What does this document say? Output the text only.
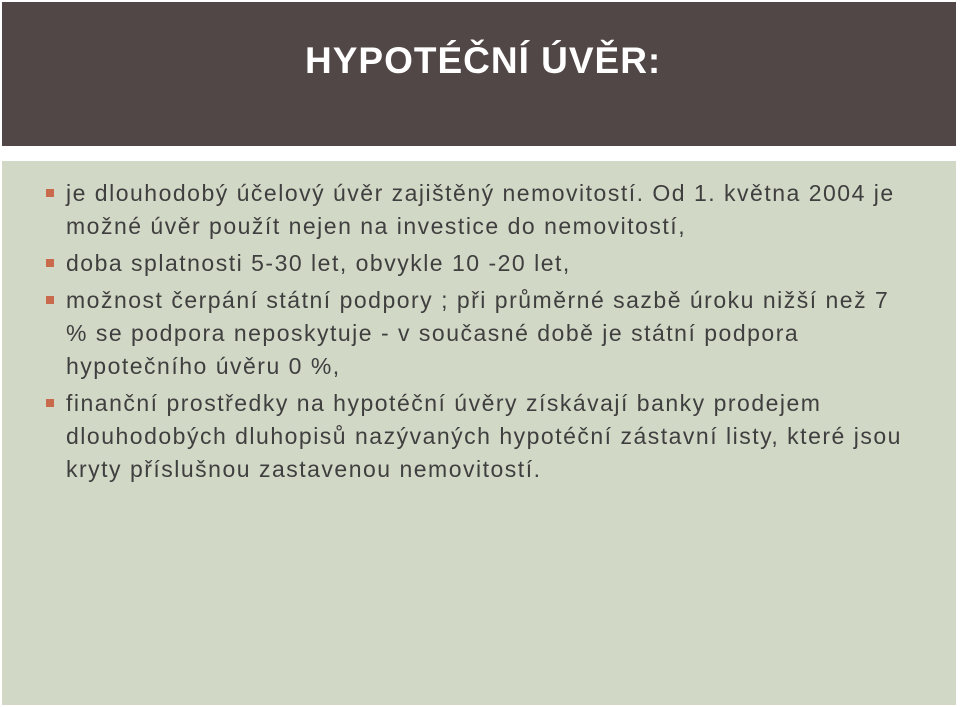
HYPOTÉČNÍ ÚVĚR:
je dlouhodobý účelový úvěr zajištěný nemovitostí. Od 1. května 2004 je možné úvěr použít nejen na investice do nemovitostí,
doba splatnosti 5-30 let, obvykle 10 -20 let,
možnost čerpání státní podpory ; při průměrné sazbě úroku nižší než 7 % se podpora neposkytuje - v současné době je státní podpora hypotečního úvěru 0 %,
finanční prostředky na hypotéční úvěry získávají banky prodejem dlouhodobých dluhopisů nazývaných hypotéční zástavní listy, které jsou kryty příslušnou zastavenou nemovitostí.
